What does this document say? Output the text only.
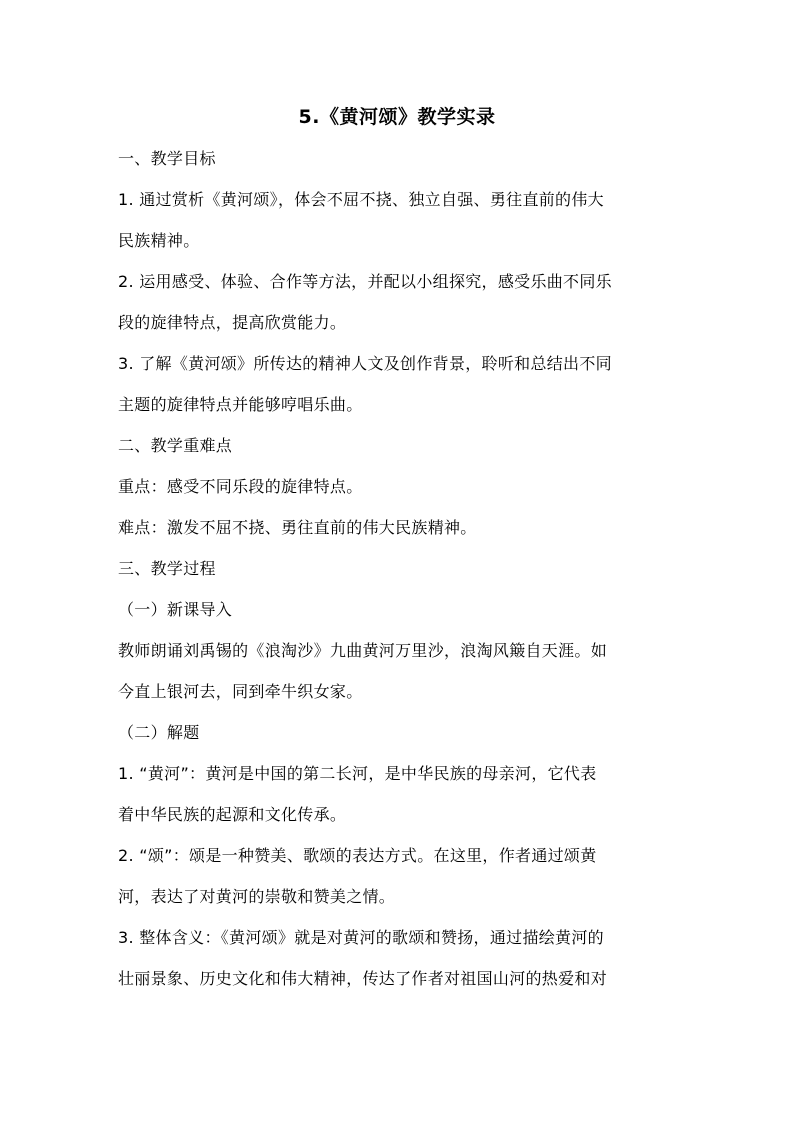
5.《黄河颂》教学实录
一、教学目标
1. 通过赏析《黄河颂》，体会不屈不挠、独立自强、勇往直前的伟大
民族精神。
2. 运用感受、体验、合作等方法，并配以小组探究，感受乐曲不同乐
段的旋律特点，提高欣赏能力。
3. 了解《黄河颂》所传达的精神人文及创作背景，聆听和总结出不同
主题的旋律特点并能够哼唱乐曲。
二、教学重难点
重点：感受不同乐段的旋律特点。
难点：激发不屈不挠、勇往直前的伟大民族精神。
三、教学过程
（一）新课导入
教师朗诵刘禹锡的《浪淘沙》九曲黄河万里沙，浪淘风簸自天涯。如
今直上银河去，同到牵牛织女家。
（二）解题
1. “黄河”：黄河是中国的第二长河，是中华民族的母亲河，它代表
着中华民族的起源和文化传承。
2. “颂”：颂是一种赞美、歌颂的表达方式。在这里，作者通过颂黄
河，表达了对黄河的崇敬和赞美之情。
3. 整体含义：《黄河颂》就是对黄河的歌颂和赞扬，通过描绘黄河的
壮丽景象、历史文化和伟大精神，传达了作者对祖国山河的热爱和对
